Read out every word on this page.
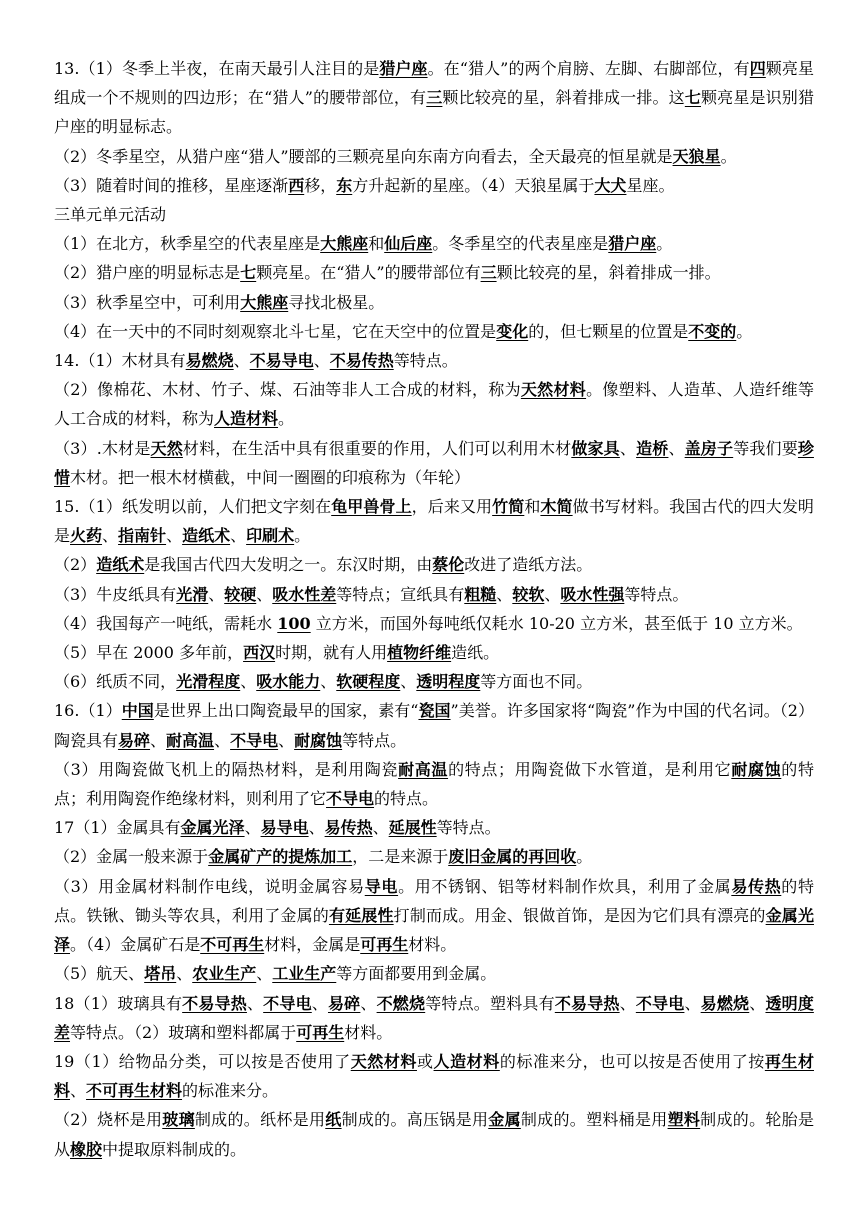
13.（1）冬季上半夜，在南天最引人注目的是猎户座。在“猎人”的两个肩膀、左脚、右脚部位，有四颗亮星组成一个不规则的四边形；在“猎人”的腰带部位，有三颗比较亮的星，斜着排成一排。这七颗亮星是识别猎户座的明显标志。

（2）冬季星空，从猎户座“猎人”腰部的三颗亮星向东南方向看去，全天最亮的恒星就是天狼星。

（3）随着时间的推移，星座逐渐西移，东方升起新的星座。（4）天狼星属于大犬星座。

三单元单元活动

（1）在北方，秋季星空的代表星座是大熊座和仙后座。冬季星空的代表星座是猎户座。

（2）猎户座的明显标志是七颗亮星。在“猎人”的腰带部位有三颗比较亮的星，斜着排成一排。

（3）秋季星空中，可利用大熊座寻找北极星。

（4）在一天中的不同时刻观察北斗七星，它在天空中的位置是变化的，但七颗星的位置是不变的。

14.（1）木材具有易燃烧、不易导电、不易传热等特点。

（2）像棉花、木材、竹子、煤、石油等非人工合成的材料，称为天然材料。像塑料、人造革、人造纤维等人工合成的材料，称为人造材料。

（3）.木材是天然材料，在生活中具有很重要的作用，人们可以利用木材做家具、造桥、盖房子等我们要珍惜木材。把一根木材横截，中间一圈圈的印痕称为（年轮）

15.（1）纸发明以前，人们把文字刻在龟甲兽骨上，后来又用竹简和木简做书写材料。我国古代的四大发明是火药、指南针、造纸术、印刷术。

（2）造纸术是我国古代四大发明之一。东汉时期，由蔡伦改进了造纸方法。

（3）牛皮纸具有光滑、较硬、吸水性差等特点；宣纸具有粗糙、较软、吸水性强等特点。

（4）我国每产一吨纸，需耗水 100 立方米，而国外每吨纸仅耗水 10-20 立方米，甚至低于 10 立方米。

（5）早在 2000 多年前，西汉时期，就有人用植物纤维造纸。

（6）纸质不同，光滑程度、吸水能力、软硬程度、透明程度等方面也不同。

16.（1）中国是世界上出口陶瓷最早的国家，素有“瓷国”美誉。许多国家将“陶瓷”作为中国的代名词。（2）陶瓷具有易碎、耐高温、不导电、耐腐蚀等特点。

（3）用陶瓷做飞机上的隔热材料，是利用陶瓷耐高温的特点；用陶瓷做下水管道，是利用它耐腐蚀的特点；利用陶瓷作绝缘材料，则利用了它不导电的特点。

17（1）金属具有金属光泽、易导电、易传热、延展性等特点。

（2）金属一般来源于金属矿产的提炼加工，二是来源于废旧金属的再回收。

（3）用金属材料制作电线，说明金属容易导电。用不锈钢、铝等材料制作炊具，利用了金属易传热的特点。铁锹、锄头等农具，利用了金属的有延展性打制而成。用金、银做首饰，是因为它们具有漂亮的金属光泽。（4）金属矿石是不可再生材料，金属是可再生材料。

（5）航天、塔吊、农业生产、工业生产等方面都要用到金属。

18（1）玻璃具有不易导热、不导电、易碎、不燃烧等特点。塑料具有不易导热、不导电、易燃烧、透明度差等特点。（2）玻璃和塑料都属于可再生材料。

19（1）给物品分类，可以按是否使用了天然材料或人造材料的标准来分，也可以按是否使用了按再生材料、不可再生材料的标准来分。

（2）烧杯是用玻璃制成的。纸杯是用纸制成的。高压锅是用金属制成的。塑料桶是用塑料制成的。轮胎是从橡胶中提取原料制成的。
